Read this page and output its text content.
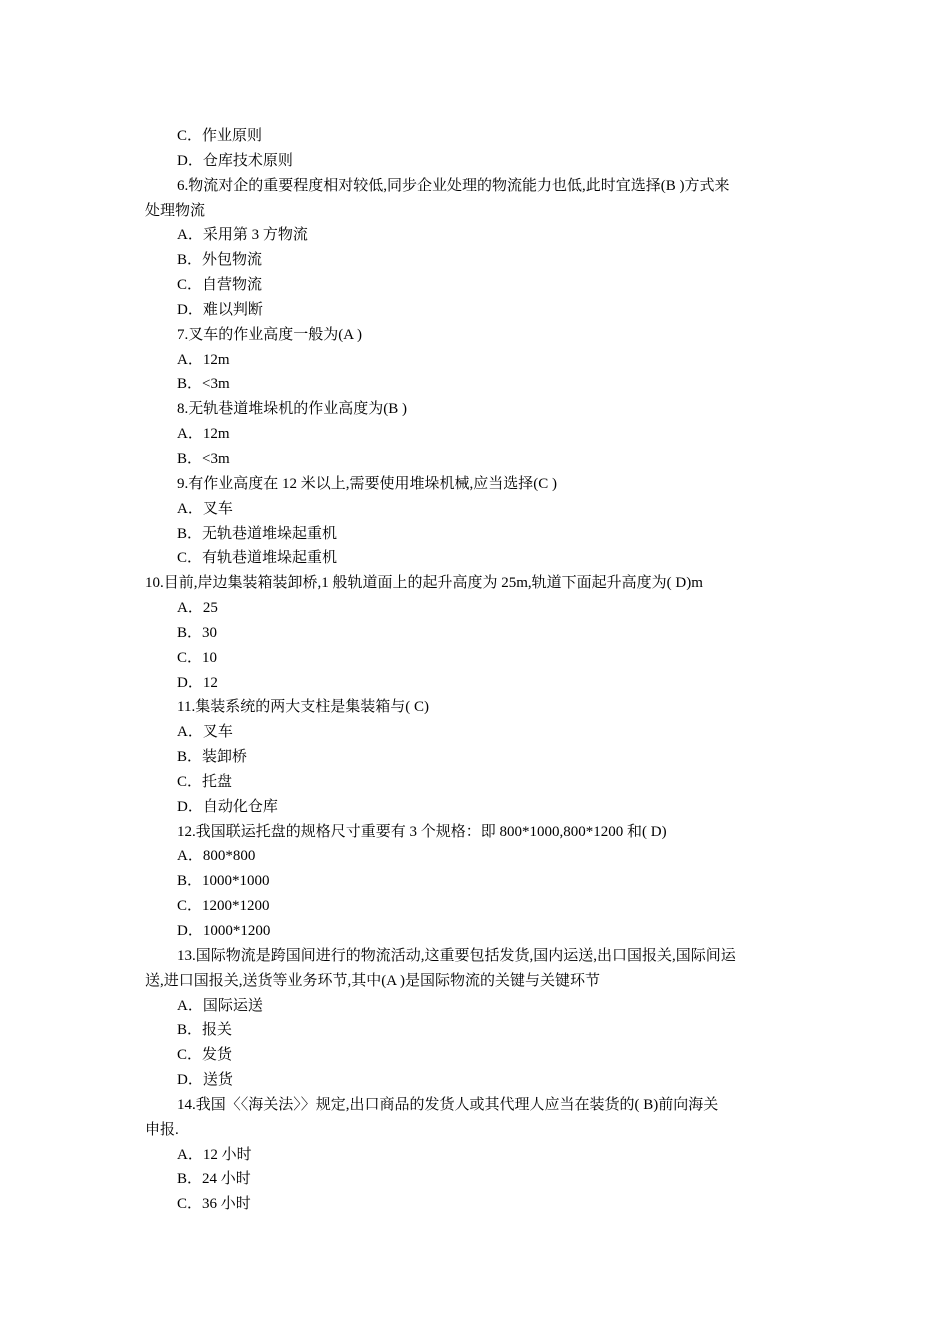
C．作业原则

D．仓库技术原则

6.物流对企的重要程度相对较低,同步企业处理的物流能力也低,此时宜选择(B )方式来

处理物流

A．采用第 3 方物流

B．外包物流

C．自营物流

D．难以判断

7.叉车的作业高度一般为(A )

A．12m

B．<3m

8.无轨巷道堆垛机的作业高度为(B )

A．12m

B．<3m

9.有作业高度在 12 米以上,需要使用堆垛机械,应当选择(C )

A．叉车

B．无轨巷道堆垛起重机

C．有轨巷道堆垛起重机

10.目前,岸边集装箱装卸桥,1 般轨道面上的起升高度为 25m,轨道下面起升高度为( D)m

A．25

B．30

C．10

D．12

11.集装系统的两大支柱是集装箱与( C)

A．叉车

B．装卸桥

C．托盘

D．自动化仓库

12.我国联运托盘的规格尺寸重要有 3 个规格：即 800*1000,800*1200 和( D)

A．800*800

B．1000*1000

C．1200*1200

D．1000*1200

13.国际物流是跨国间进行的物流活动,这重要包括发货,国内运送,出口国报关,国际间运

送,进口国报关,送货等业务环节,其中(A )是国际物流的关键与关键环节

A．国际运送

B．报关

C．发货

D．送货

14.我国〈〈海关法〉〉规定,出口商品的发货人或其代理人应当在装货的( B)前向海关

申报.

A．12 小时

B．24 小时

C．36 小时
